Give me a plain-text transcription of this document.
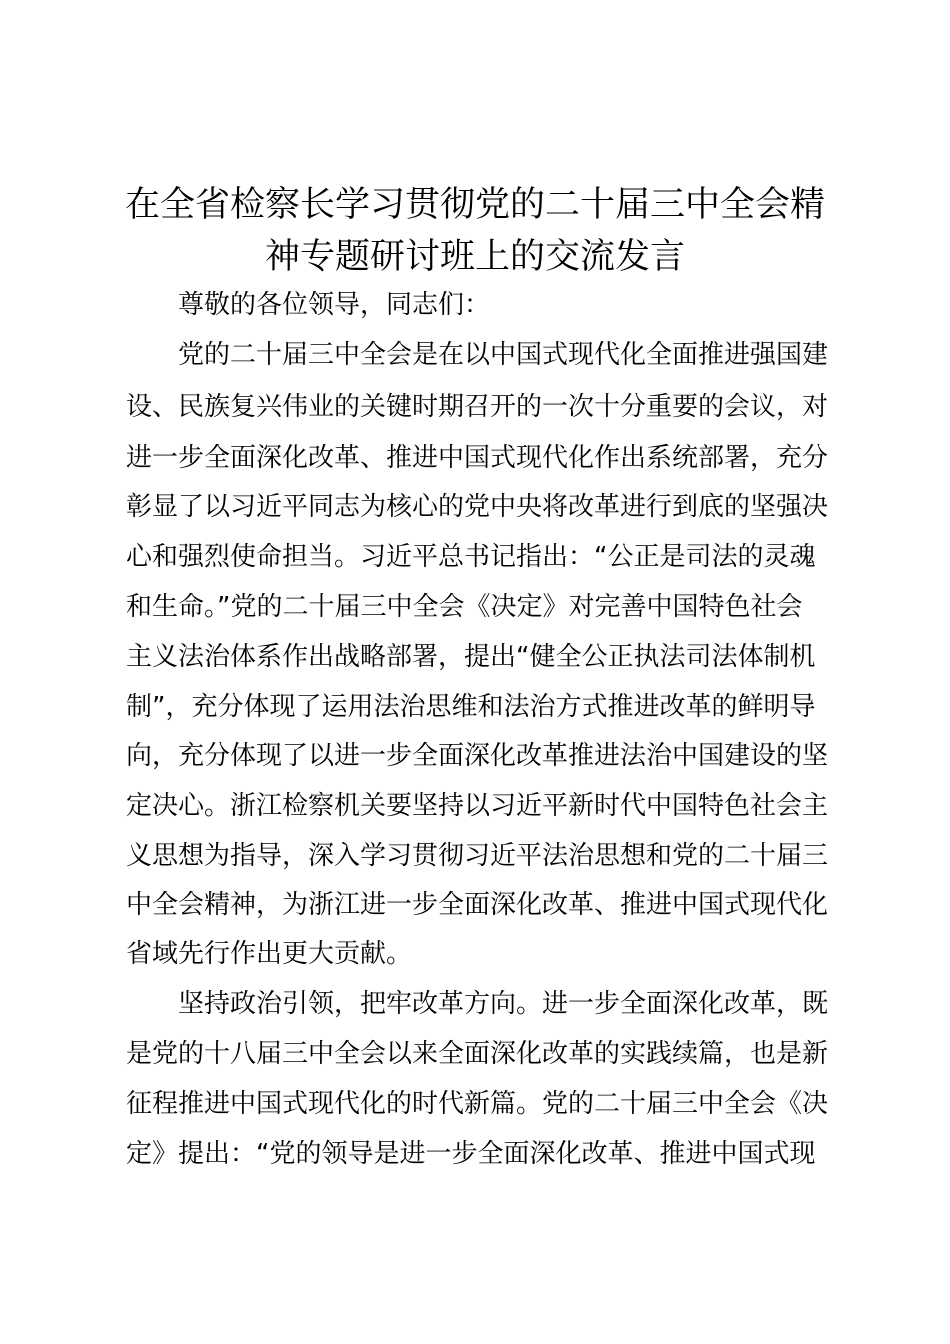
在全省检察长学习贯彻党的二十届三中全会精
神专题研讨班上的交流发言
尊敬的各位领导，同志们：
党的二十届三中全会是在以中国式现代化全面推进强国建
设、民族复兴伟业的关键时期召开的一次十分重要的会议，对
进一步全面深化改革、推进中国式现代化作出系统部署，充分
彰显了以习近平同志为核心的党中央将改革进行到底的坚强决
心和强烈使命担当。习近平总书记指出：“公正是司法的灵魂
和生命。”党的二十届三中全会《决定》对完善中国特色社会
主义法治体系作出战略部署，提出“健全公正执法司法体制机
制”，充分体现了运用法治思维和法治方式推进改革的鲜明导
向，充分体现了以进一步全面深化改革推进法治中国建设的坚
定决心。浙江检察机关要坚持以习近平新时代中国特色社会主
义思想为指导，深入学习贯彻习近平法治思想和党的二十届三
中全会精神，为浙江进一步全面深化改革、推进中国式现代化
省域先行作出更大贡献。
坚持政治引领，把牢改革方向。进一步全面深化改革，既
是党的十八届三中全会以来全面深化改革的实践续篇，也是新
征程推进中国式现代化的时代新篇。党的二十届三中全会《决
定》提出：“党的领导是进一步全面深化改革、推进中国式现
